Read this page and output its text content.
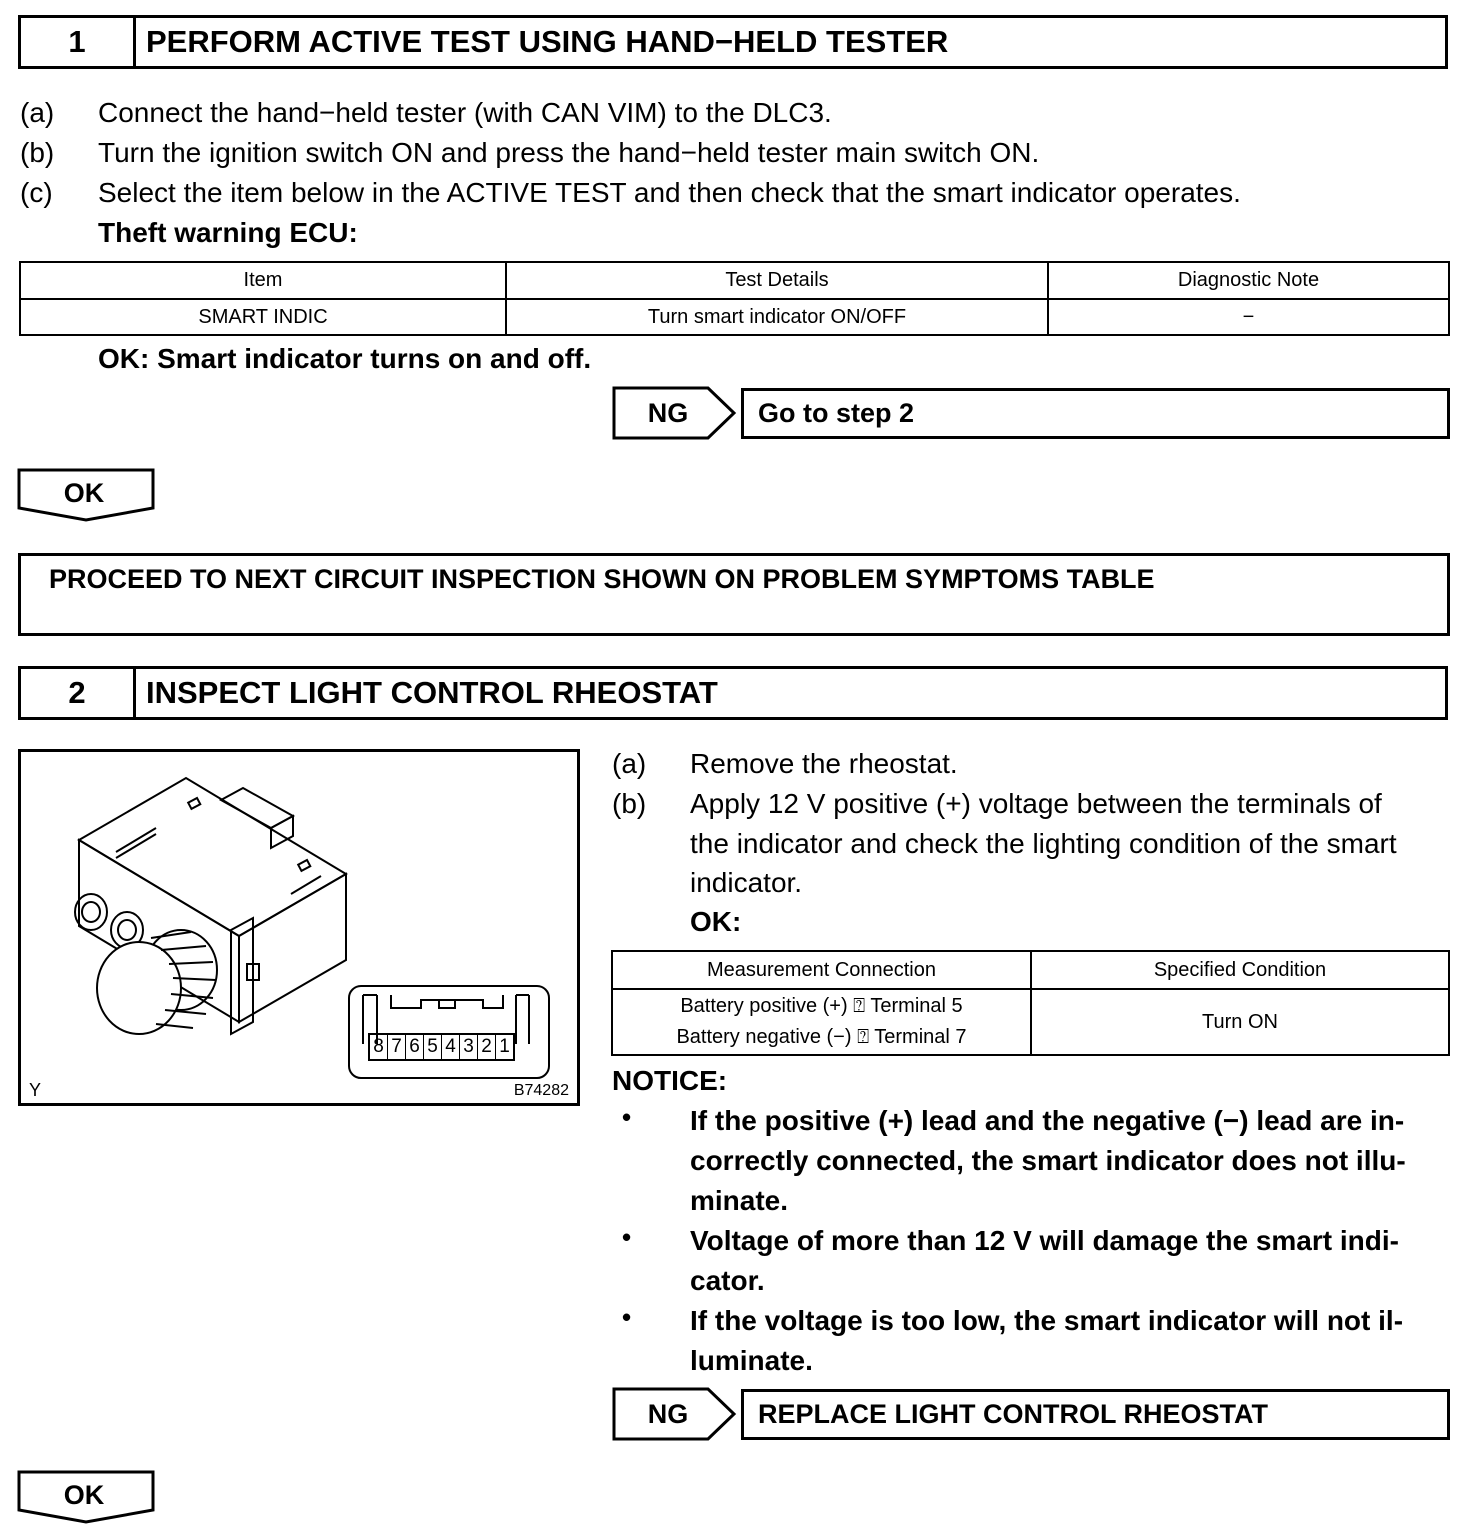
1	PERFORM ACTIVE TEST USING HAND−HELD TESTER
(a) Connect the hand−held tester (with CAN VIM) to the DLC3.
(b) Turn the ignition switch ON and press the hand−held tester main switch ON.
(c) Select the item below in the ACTIVE TEST and then check that the smart indicator operates.
Theft warning ECU:
Item	Test Details	Diagnostic Note
SMART INDIC	Turn smart indicator ON/OFF	−
OK: Smart indicator turns on and off.
NG	Go to step 2
OK
PROCEED TO NEXT CIRCUIT INSPECTION SHOWN ON PROBLEM SYMPTOMS TABLE
2	INSPECT LIGHT CONTROL RHEOSTAT
8 7 6 5 4 3 2 1
Y	B74282
(a) Remove the rheostat.
(b) Apply 12 V positive (+) voltage between the terminals of
the indicator and check the lighting condition of the smart
indicator.
OK:
Measurement Connection	Specified Condition

Battery positive (+) ⍰ Terminal 5
Battery negative (−) ⍰ Terminal 7	Turn ON
NOTICE:
• If the positive (+) lead and the negative (−) lead are in-
correctly connected, the smart indicator does not illu-
minate.
• Voltage of more than 12 V will damage the smart indi-
cator.
• If the voltage is too low, the smart indicator will not il-
luminate.
NG	REPLACE LIGHT CONTROL RHEOSTAT
OK
